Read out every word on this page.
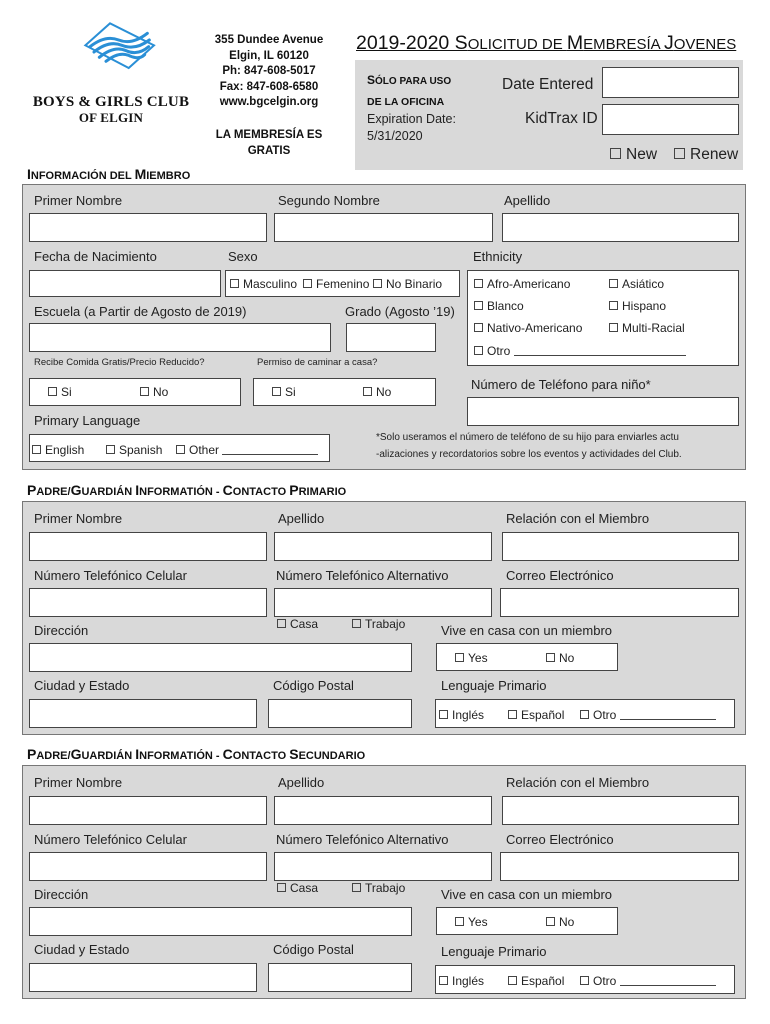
BOYS & GIRLS CLUB
OF ELGIN
355 Dundee Avenue
Elgin, IL 60120
Ph: 847-608-5017
Fax: 847-608-6580
www.bgcelgin.org
LA MEMBRESÍA ES
GRATIS
2019-2020 SOLICITUD DE MEMBRESÍA JOVENES
SÓLO PARA USO
DE LA OFICINA
Expiration Date:
5/31/2020
Date Entered
KidTrax ID
New	Renew
INFORMACIÓN DEL MIEMBRO
Primer Nombre	Segundo Nombre	Apellido
Fecha de Nacimiento	Sexo	Ethnicity
Masculino	Femenino	No Binario	Afro-Americano	Asiático
Blanco	Hispano
Nativo-Americano	Multi-Racial
Otro
Escuela (a Partir de Agosto de 2019)	Grado (Agosto ’19)
Recibe Comida Gratis/Precio Reducido?	Permiso de caminar a casa?
Si	No	Si	No	Número de Teléfono para niño*
Primary Language
English	Spanish	Other
*Solo useramos el número de teléfono de su hijo para enviarles actu
-alizaciones y recordatorios sobre los eventos y actividades del Club.
PADRE/GUARDIÁN INFORMATIÓN - CONTACTO PRIMARIO
Primer Nombre	Apellido	Relación con el Miembro
Número Telefónico Celular	Número Telefónico Alternativo	Correo Electrónico
Dirección	Casa	Trabajo	Vive en casa con un miembro
Yes	No
Ciudad y Estado	Código Postal	Lenguaje Primario
Inglés	Español	Otro
PADRE/GUARDIÁN INFORMATIÓN - CONTACTO SECUNDARIO
Primer Nombre	Apellido	Relación con el Miembro
Número Telefónico Celular	Número Telefónico Alternativo	Correo Electrónico
Dirección	Casa	Trabajo	Vive en casa con un miembro
Yes	No
Ciudad y Estado	Código Postal	Lenguaje Primario
Inglés	Español	Otro
